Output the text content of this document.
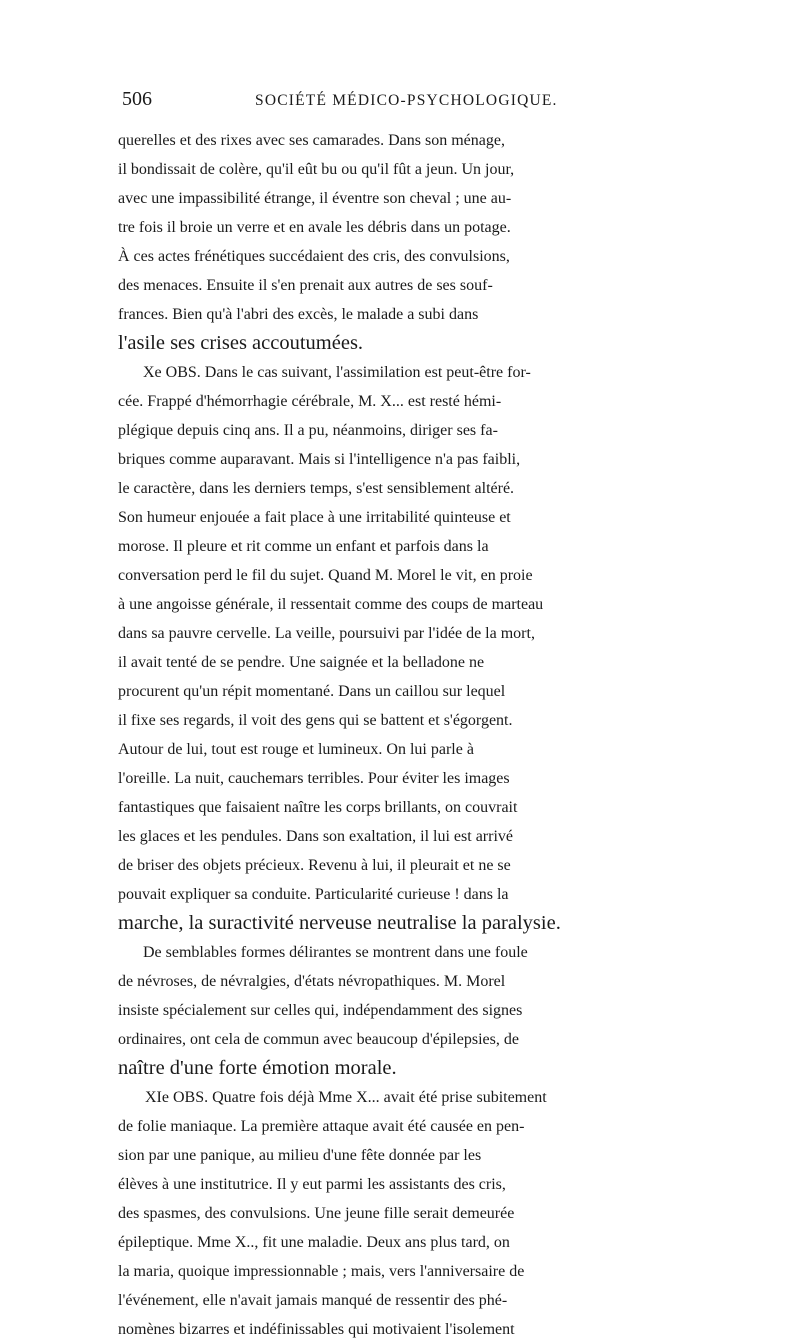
506	SOCIÉTÉ MÉDICO-PSYCHOLOGIQUE.
querelles et des rixes avec ses camarades. Dans son ménage,
il bondissait de colère, qu'il eût bu ou qu'il fût a jeun. Un jour,
avec une impassibilité étrange, il éventre son cheval ; une au-
tre fois il broie un verre et en avale les débris dans un potage.
À ces actes frénétiques succédaient des cris, des convulsions,
des menaces. Ensuite il s'en prenait aux autres de ses souf-
frances. Bien qu'à l'abri des excès, le malade a subi dans
l'asile ses crises accoutumées.
Xe OBS. Dans le cas suivant, l'assimilation est peut-être for-
cée. Frappé d'hémorrhagie cérébrale, M. X... est resté hémi-
plégique depuis cinq ans. Il a pu, néanmoins, diriger ses fa-
briques comme auparavant. Mais si l'intelligence n'a pas faibli,
le caractère, dans les derniers temps, s'est sensiblement altéré.
Son humeur enjouée a fait place à une irritabilité quinteuse et
morose. Il pleure et rit comme un enfant et parfois dans la
conversation perd le fil du sujet. Quand M. Morel le vit, en proie
à une angoisse générale, il ressentait comme des coups de marteau
dans sa pauvre cervelle. La veille, poursuivi par l'idée de la mort,
il avait tenté de se pendre. Une saignée et la belladone ne
procurent qu'un répit momentané. Dans un caillou sur lequel
il fixe ses regards, il voit des gens qui se battent et s'égorgent.
Autour de lui, tout est rouge et lumineux. On lui parle à
l'oreille. La nuit, cauchemars terribles. Pour éviter les images
fantastiques que faisaient naître les corps brillants, on couvrait
les glaces et les pendules. Dans son exaltation, il lui est arrivé
de briser des objets précieux. Revenu à lui, il pleurait et ne se
pouvait expliquer sa conduite. Particularité curieuse ! dans la
marche, la suractivité nerveuse neutralise la paralysie.
De semblables formes délirantes se montrent dans une foule
de névroses, de névralgies, d'états névropathiques. M. Morel
insiste spécialement sur celles qui, indépendamment des signes
ordinaires, ont cela de commun avec beaucoup d'épilepsies, de
naître d'une forte émotion morale.
XIe OBS. Quatre fois déjà Mme X... avait été prise subitement
de folie maniaque. La première attaque avait été causée en pen-
sion par une panique, au milieu d'une fête donnée par les
élèves à une institutrice. Il y eut parmi les assistants des cris,
des spasmes, des convulsions. Une jeune fille serait demeurée
épileptique. Mme X.., fit une maladie. Deux ans plus tard, on
la maria, quoique impressionnable ; mais, vers l'anniversaire de
l'événement, elle n'avait jamais manqué de ressentir des phé-
nomènes bizarres et indéfinissables qui motivaient l'isolement
